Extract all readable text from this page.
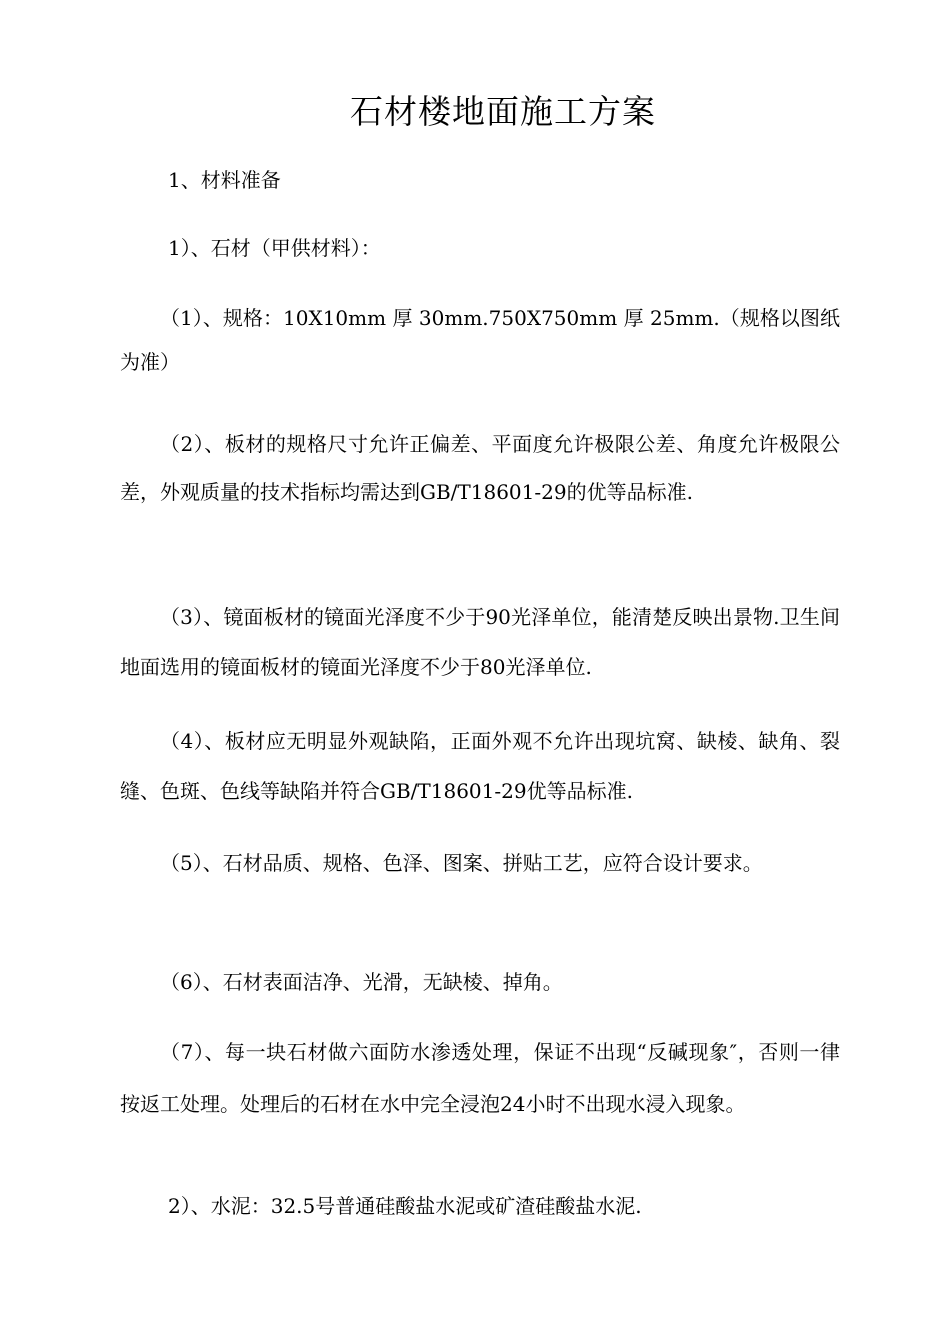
石材楼地面施工方案
1、材料准备
1）、石材（甲供材料）：

（1）、规格：10X10mm 厚 30mm.750X750mm 厚 25mm.（规格以图纸为准）

（2）、板材的规格尺寸允许正偏差、平面度允许极限公差、角度允许极限公差，外观质量的技术指标均需达到GB/T18601-29的优等品标准.

（3）、镜面板材的镜面光泽度不少于90光泽单位，能清楚反映出景物.卫生间地面选用的镜面板材的镜面光泽度不少于80光泽单位.

（4）、板材应无明显外观缺陷，正面外观不允许出现坑窝、缺棱、缺角、裂缝、色斑、色线等缺陷并符合GB/T18601-29优等品标准.

（5）、石材品质、规格、色泽、图案、拼贴工艺，应符合设计要求。

（6）、石材表面洁净、光滑，无缺棱、掉角。

（7）、每一块石材做六面防水渗透处理，保证不出现“反碱现象″，否则一律按返工处理。处理后的石材在水中完全浸泡24小时不出现水浸入现象。

2）、水泥：32.5号普通硅酸盐水泥或矿渣硅酸盐水泥.
